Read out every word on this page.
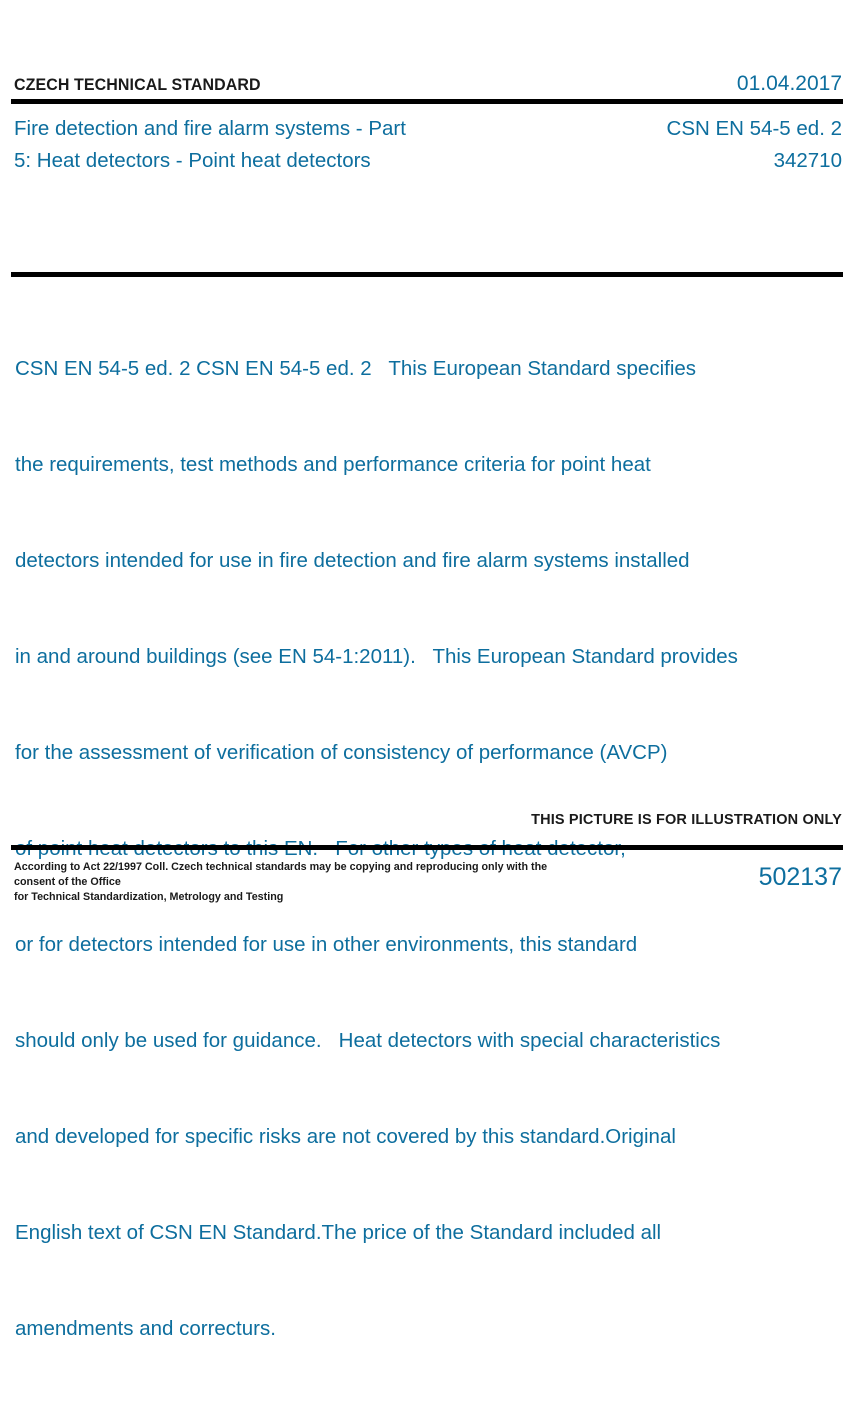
CZECH TECHNICAL STANDARD	01.04.2017
Fire detection and fire alarm systems - Part
5: Heat detectors - Point heat detectors
CSN EN 54-5 ed. 2
342710

CSN EN 54-5 ed. 2 CSN EN 54-5 ed. 2   This European Standard specifies

the requirements, test methods and performance criteria for point heat

detectors intended for use in fire detection and fire alarm systems installed

in and around buildings (see EN 54-1:2011).   This European Standard provides

for the assessment of verification of consistency of performance (AVCP)

or for detectors intended for use in other environments, this standard

should only be used for guidance.   Heat detectors with special characteristics

and developed for specific risks are not covered by this standard.Original

English text of CSN EN Standard.The price of the Standard included all

amendments and correcturs.

THIS PICTURE IS FOR ILLUSTRATION ONLY
According to Act 22/1997 Coll. Czech technical standards may be copying and reproducing only with the consent of the Office
for Technical Standardization, Metrology and Testing
502137
